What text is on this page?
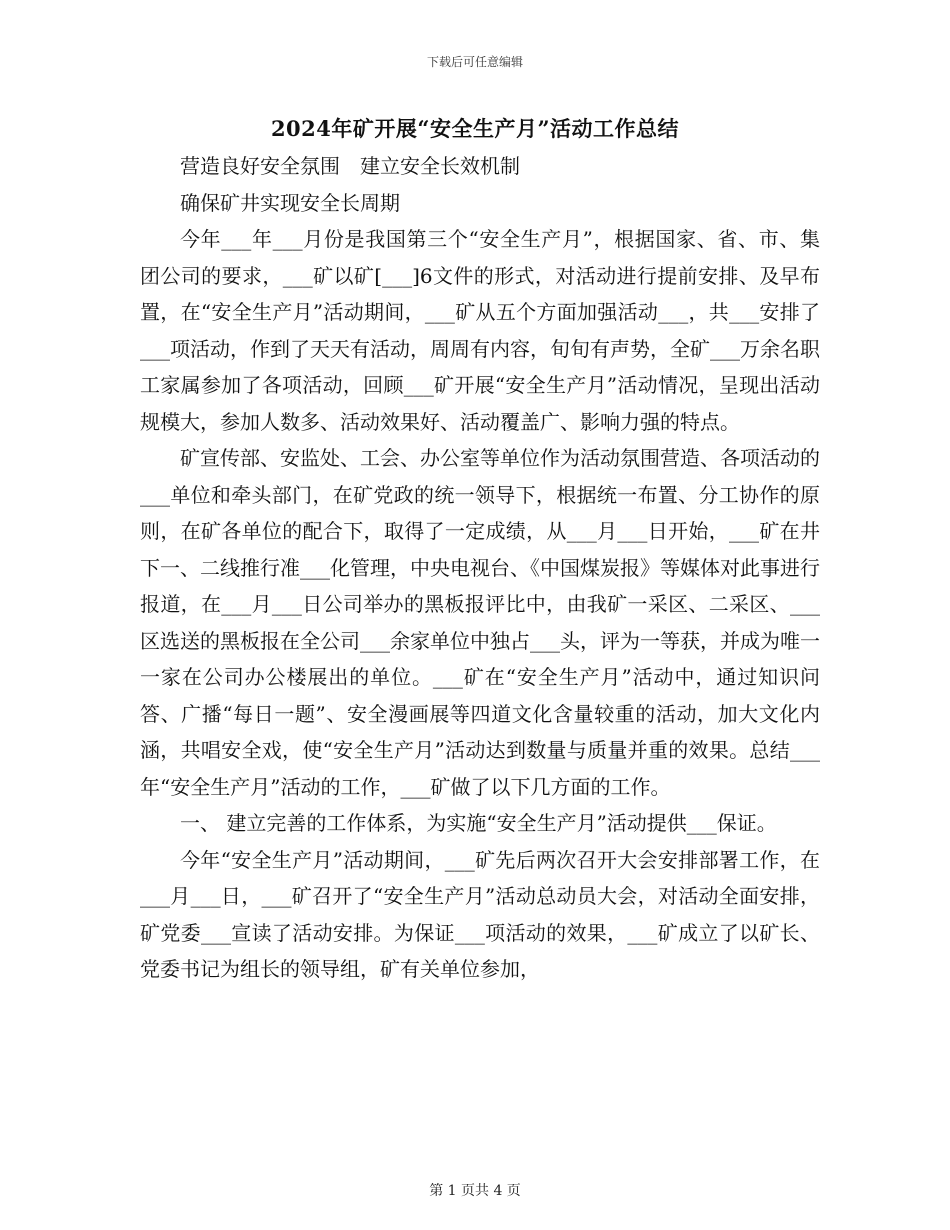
下载后可任意编辑
2024年矿开展“安全生产月”活动工作总结

营造良好安全氛围　建立安全长效机制

确保矿井实现安全长周期

今年___年___月份是我国第三个“安全生产月”，根据国家、省、市、集团公司的要求，___矿以矿[___]6文件的形式，对活动进行提前安排、及早布置，在“安全生产月”活动期间，___矿从五个方面加强活动___，共___安排了___项活动，作到了天天有活动，周周有内容，旬旬有声势，全矿___万余名职工家属参加了各项活动，回顾___矿开展“安全生产月”活动情况，呈现出活动规模大，参加人数多、活动效果好、活动覆盖广、影响力强的特点。

矿宣传部、安监处、工会、办公室等单位作为活动氛围营造、各项活动的___单位和牵头部门，在矿党政的统一领导下，根据统一布置、分工协作的原则，在矿各单位的配合下，取得了一定成绩，从___月___日开始，___矿在井下一、二线推行准___化管理，中央电视台、《中国煤炭报》等媒体对此事进行报道，在___月___日公司举办的黑板报评比中，由我矿一采区、二采区、___区选送的黑板报在全公司___余家单位中独占___头，评为一等获，并成为唯一一家在公司办公楼展出的单位。___矿在“安全生产月”活动中，通过知识问答、广播“每日一题”、安全漫画展等四道文化含量较重的活动，加大文化内涵，共唱安全戏，使“安全生产月”活动达到数量与质量并重的效果。总结___年“安全生产月”活动的工作，___矿做了以下几方面的工作。

一、 建立完善的工作体系，为实施“安全生产月”活动提供___保证。

今年“安全生产月”活动期间，___矿先后两次召开大会安排部署工作，在___月___日，___矿召开了“安全生产月”活动总动员大会，对活动全面安排，矿党委___宣读了活动安排。为保证___项活动的效果，___矿成立了以矿长、党委书记为组长的领导组，矿有关单位参加，

第 1 页共 4 页
